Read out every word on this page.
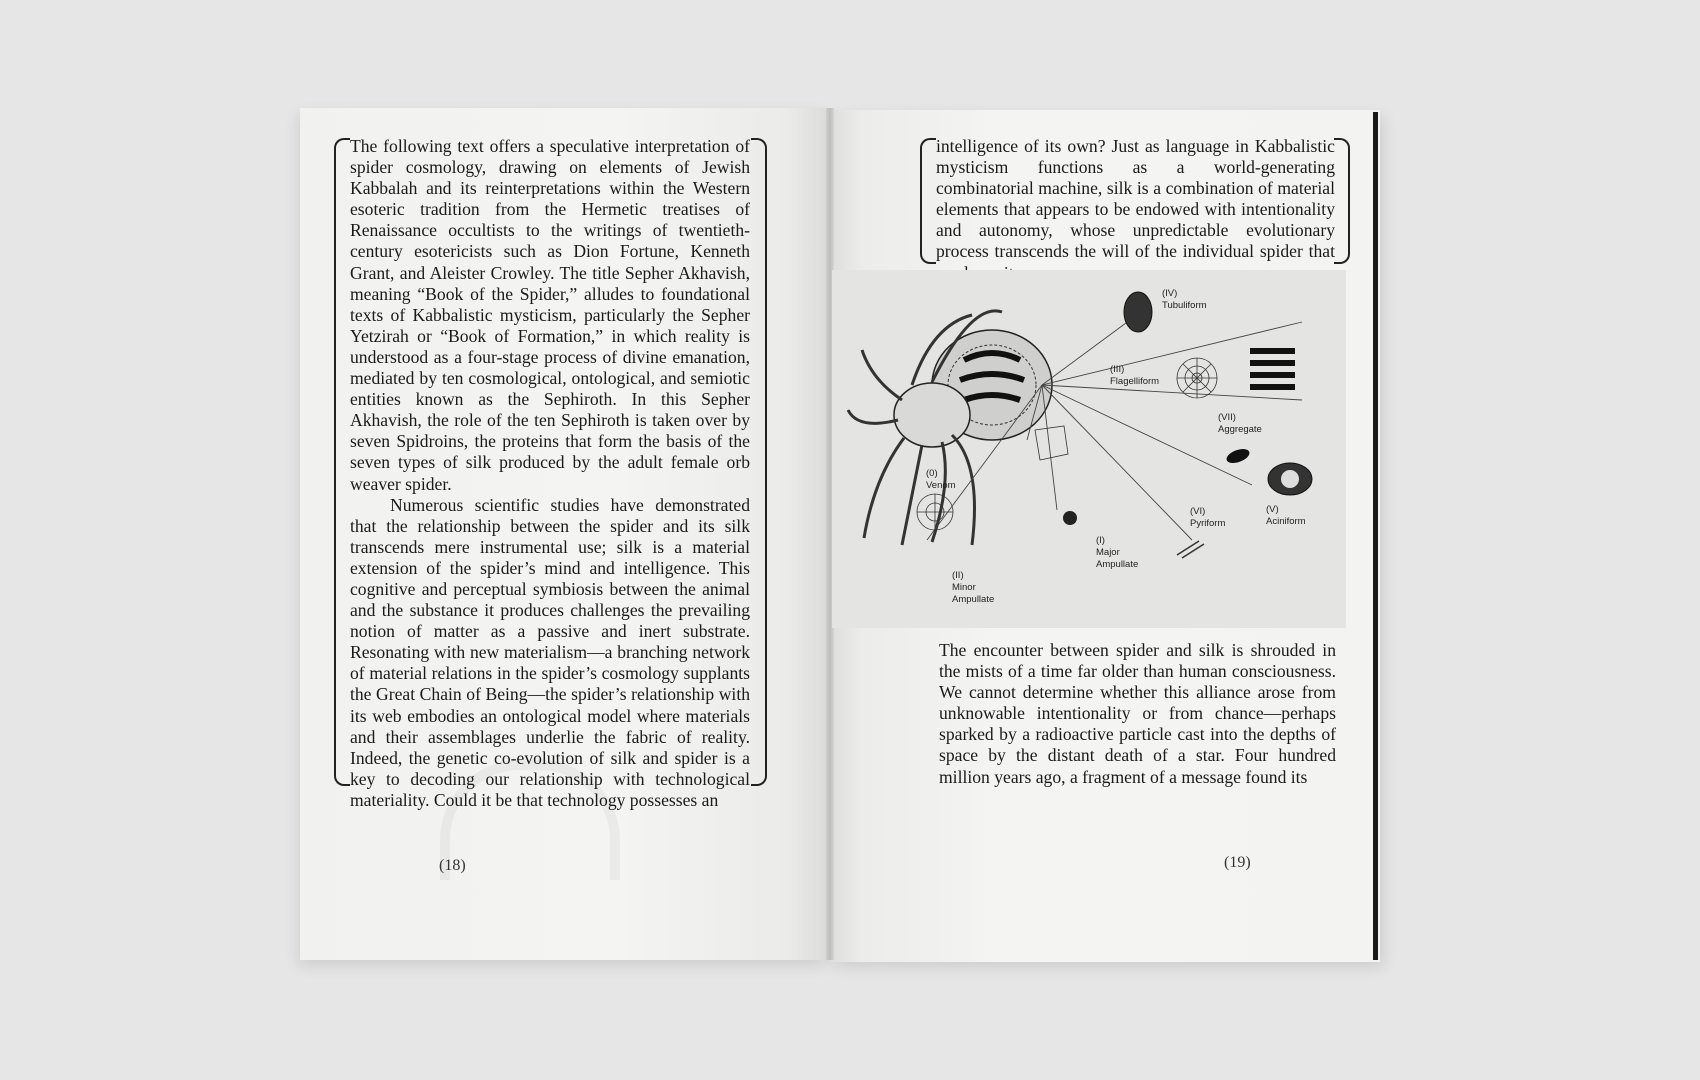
The following text offers a speculative interpretation of spider cosmology, drawing on elements of Jewish Kabbalah and its reinterpretations within the Western esoteric tradition from the Hermetic treatises of Renaissance occultists to the writings of twentieth-century esotericists such as Dion Fortune, Kenneth Grant, and Aleister Crowley. The title Sepher Akhavish, meaning “Book of the Spider,” alludes to foundational texts of Kabbalistic mysticism, particularly the Sepher Yetzirah or “Book of Formation,” in which reality is understood as a four-stage process of divine emanation, mediated by ten cosmological, ontological, and semiotic entities known as the Sephiroth. In this Sepher Akhavish, the role of the ten Sephiroth is taken over by seven Spidroins, the proteins that form the basis of the seven types of silk produced by the adult female orb weaver spider.

Numerous scientific studies have demonstrated that the relationship between the spider and its silk transcends mere instrumental use; silk is a material extension of the spider’s mind and intelligence. This cognitive and perceptual symbiosis between the animal and the substance it produces challenges the prevailing notion of matter as a passive and inert substrate. Resonating with new materialism—a branching network of material relations in the spider’s cosmology supplants the Great Chain of Being—the spider’s relationship with its web embodies an ontological model where materials and their assemblages underlie the fabric of reality. Indeed, the genetic co-evolution of silk and spider is a key to decoding our relationship with technological materiality. Could it be that technology possesses an

(18)

intelligence of its own? Just as language in Kabbalistic mysticism functions as a world-generating combinatorial machine, silk is a combination of material elements that appears to be endowed with intentionality and autonomy, whose unpredictable evolutionary process transcends the will of the individual spider that

(IV)
Tubuliform
(III)
Flagelliform
(VII)
Aggregate
(0)
Venom
(V)
Aciniform
(VI)
Pyriform
(I)
Major
Ampullate
(II)
Minor
Ampullate

The encounter between spider and silk is shrouded in the mists of a time far older than human consciousness. We cannot determine whether this alliance arose from unknowable intentionality or from chance—perhaps sparked by a radioactive particle cast into the depths of space by the distant death of a star. Four hundred million years ago, a fragment of a message found its

(19)
